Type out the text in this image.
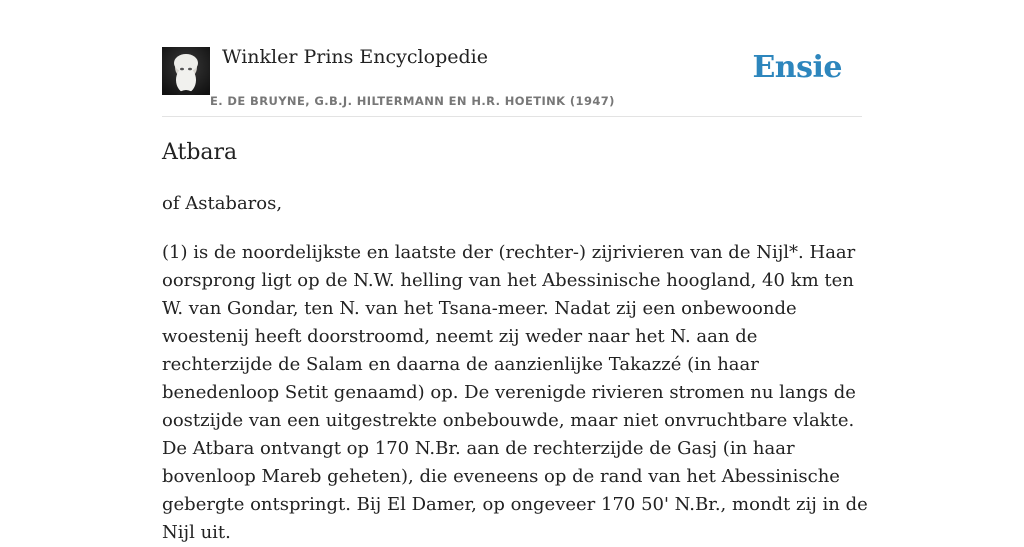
Winkler Prins Encyclopedie
E. DE BRUYNE, G.B.J. HILTERMANN EN H.R. HOETINK (1947)
Ensie
Atbara

of Astabaros,

(1) is de noordelijkste en laatste der (rechter-) zijrivieren van de Nijl*. Haar oorsprong ligt op de N.W. helling van het Abessinische hoogland, 40 km ten W. van Gondar, ten N. van het Tsana-meer. Nadat zij een onbewoonde woestenij heeft doorstroomd, neemt zij weder naar het N. aan de rechterzijde de Salam en daarna de aanzienlijke Takazzé (in haar benedenloop Setit genaamd) op. De verenigde rivieren stromen nu langs de oostzijde van een uitgestrekte onbebouwde, maar niet onvruchtbare vlakte. De Atbara ontvangt op 170 N.Br. aan de rechterzijde de Gasj (in haar bovenloop Mareb geheten), die eveneens op de rand van het Abessinische gebergte ontspringt. Bij El Damer, op ongeveer 170 50' N.Br., mondt zij in de Nijl uit.
